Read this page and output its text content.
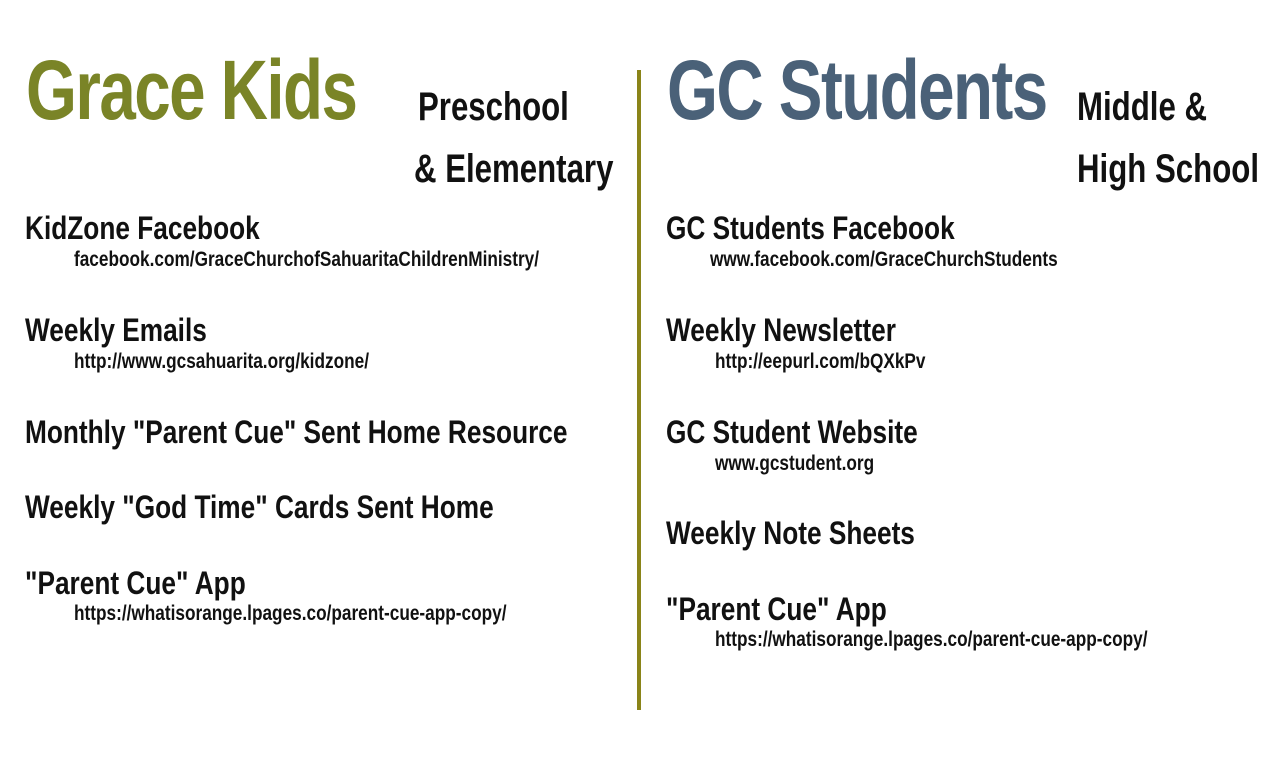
Grace Kids Preschool
& Elementary
KidZone Facebook
facebook.com/GraceChurchofSahuaritaChildrenMinistry/
Weekly Emails
http://www.gcsahuarita.org/kidzone/
Monthly "Parent Cue" Sent Home Resource
Weekly "God Time" Cards Sent Home
"Parent Cue" App
https://whatisorange.lpages.co/parent-cue-app-copy/
GC Students Middle &
High School
GC Students Facebook
www.facebook.com/GraceChurchStudents
Weekly Newsletter
http://eepurl.com/bQXkPv
GC Student Website
www.gcstudent.org
Weekly Note Sheets
"Parent Cue" App
https://whatisorange.lpages.co/parent-cue-app-copy/
